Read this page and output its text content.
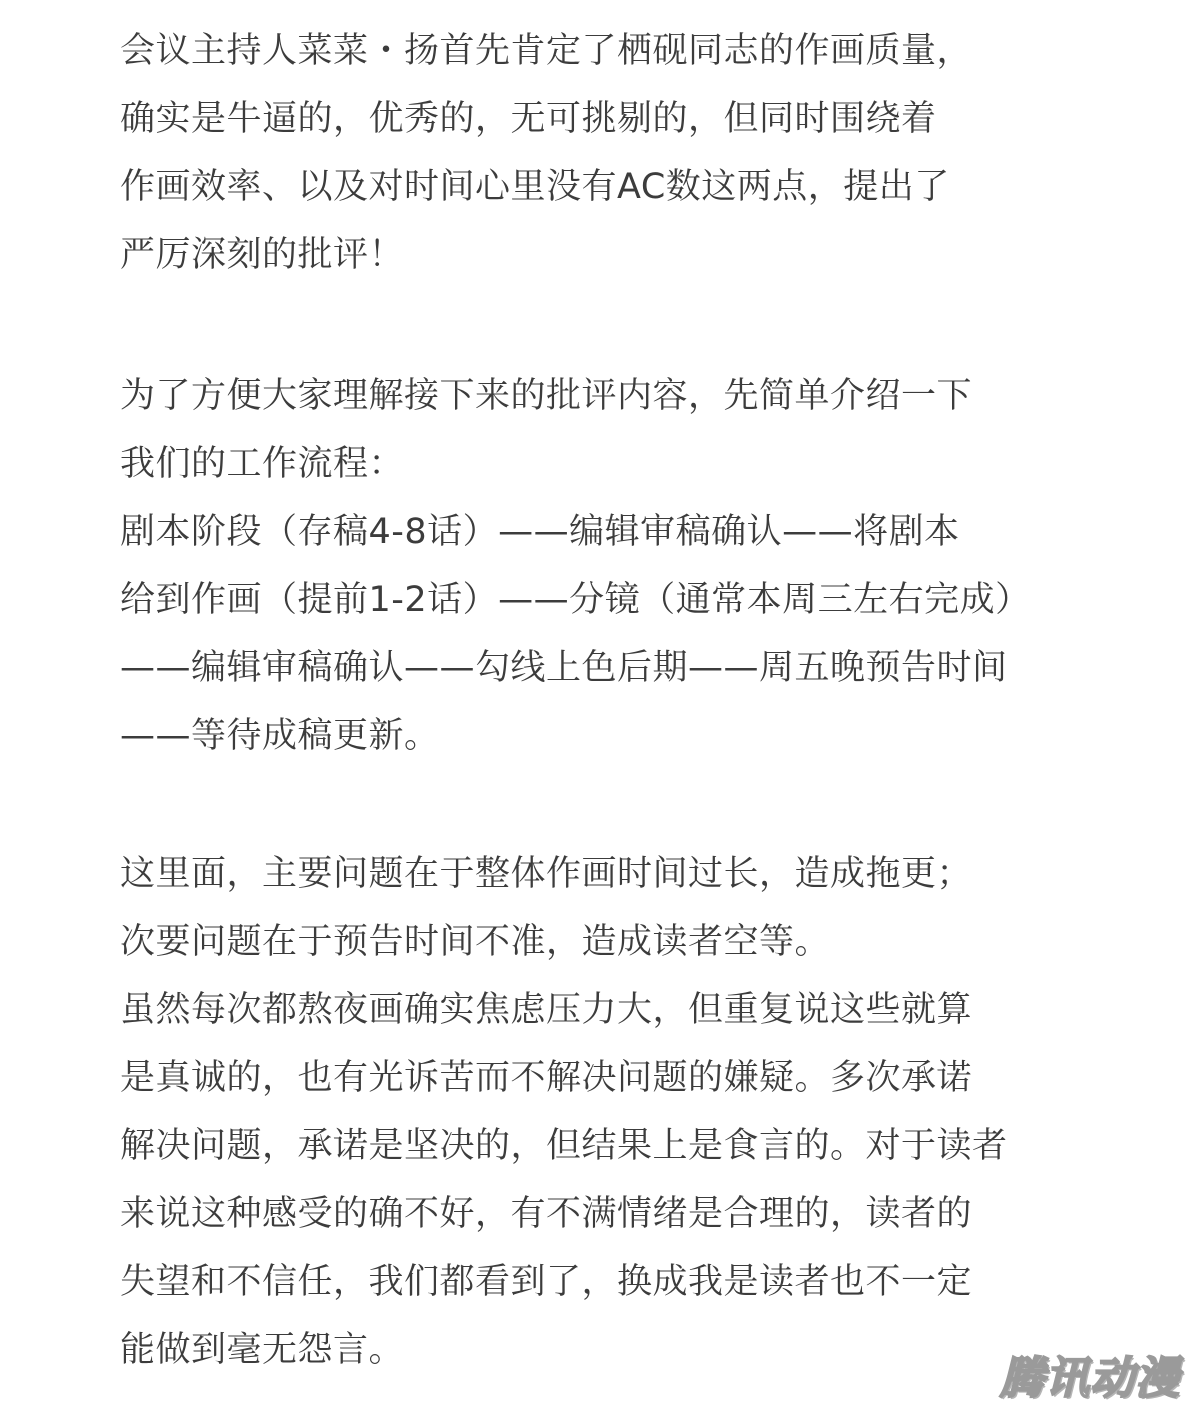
会议主持人菜菜・扬首先肯定了栖砚同志的作画质量，
确实是牛逼的，优秀的，无可挑剔的，但同时围绕着
作画效率、以及对时间心里没有AC数这两点，提出了
严厉深刻的批评！
为了方便大家理解接下来的批评内容，先简单介绍一下
我们的工作流程：
剧本阶段（存稿4-8话）——编辑审稿确认——将剧本
给到作画（提前1-2话）——分镜（通常本周三左右完成）
——编辑审稿确认——勾线上色后期——周五晚预告时间
——等待成稿更新。
这里面，主要问题在于整体作画时间过长，造成拖更；
次要问题在于预告时间不准，造成读者空等。
虽然每次都熬夜画确实焦虑压力大，但重复说这些就算
是真诚的，也有光诉苦而不解决问题的嫌疑。多次承诺
解决问题，承诺是坚决的，但结果上是食言的。对于读者
来说这种感受的确不好，有不满情绪是合理的，读者的
失望和不信任，我们都看到了，换成我是读者也不一定
能做到毫无怨言。
腾讯动漫
